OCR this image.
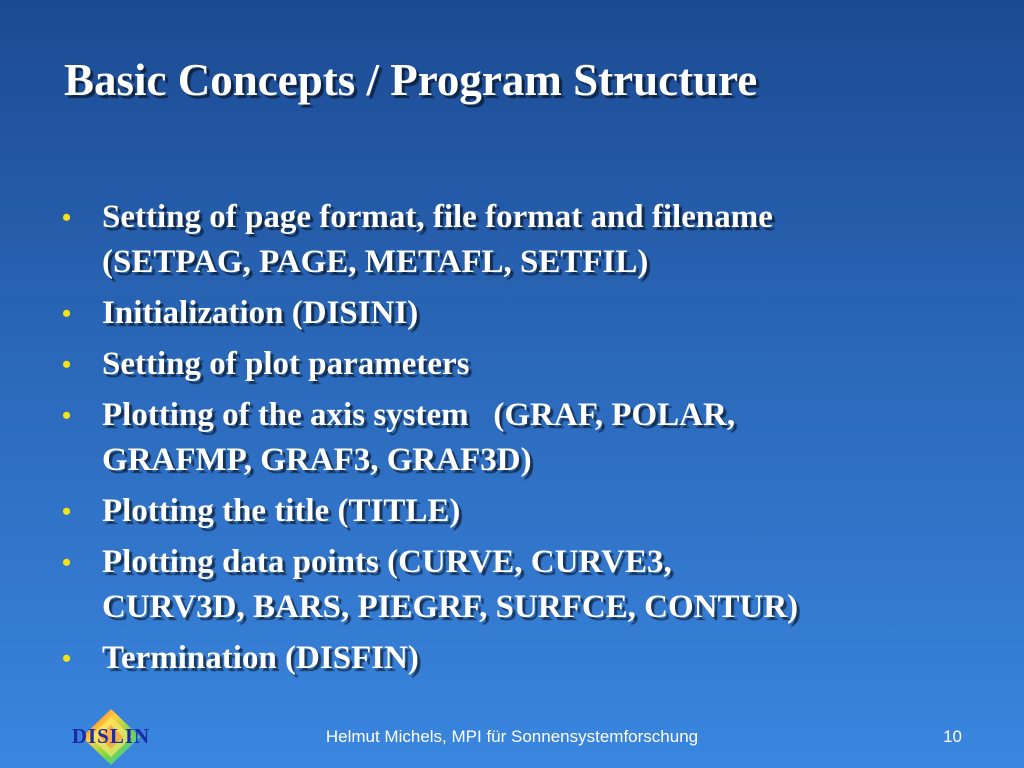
Basic Concepts / Program Structure
• Setting of page format, file format and filename
(SETPAG, PAGE, METAFL, SETFIL)
• Initialization (DISINI)
• Setting of plot parameters
• Plotting of the axis system   (GRAF, POLAR,
GRAFMP, GRAF3, GRAF3D)
• Plotting the title (TITLE)
• Plotting data points (CURVE, CURVE3,
CURV3D, BARS, PIEGRF, SURFCE, CONTUR)
• Termination (DISFIN)
DISLIN	Helmut Michels, MPI für Sonnensystemforschung	10
